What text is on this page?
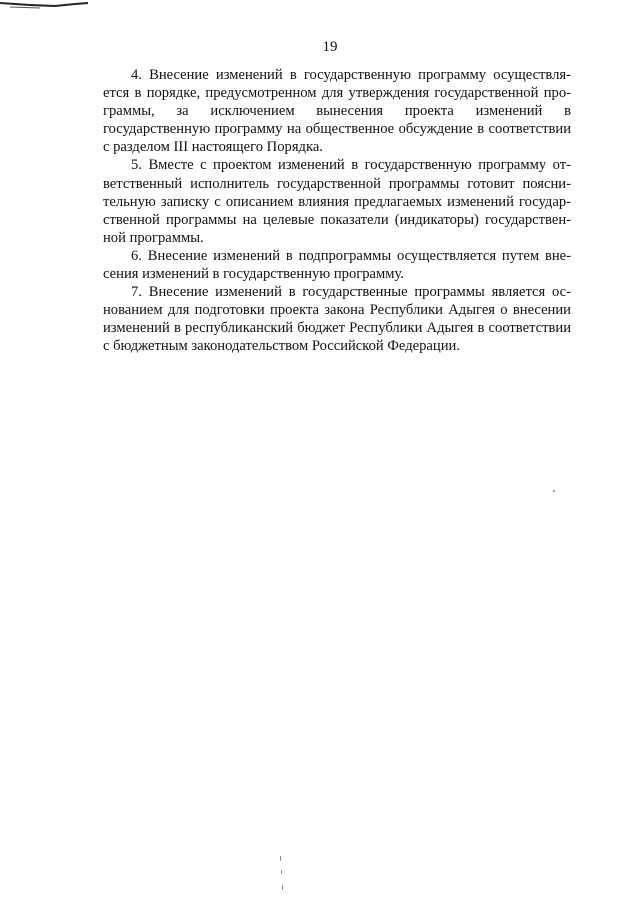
19

4. Внесение изменений в государственную программу осуществляется в порядке, предусмотренном для утверждения государственной программы, за исключением вынесения проекта изменений в государственную программу на общественное обсуждение в соответствии с разделом III настоящего Порядка.

5. Вместе с проектом изменений в государственную программу ответственный исполнитель государственной программы готовит пояснительную записку с описанием влияния предлагаемых изменений государственной программы на целевые показатели (индикаторы) государственной программы.

6. Внесение изменений в подпрограммы осуществляется путем внесения изменений в государственную программу.

7. Внесение изменений в государственные программы является основанием для подготовки проекта закона Республики Адыгея о внесении изменений в республиканский бюджет Республики Адыгея в соответствии с бюджетным законодательством Российской Федерации.
